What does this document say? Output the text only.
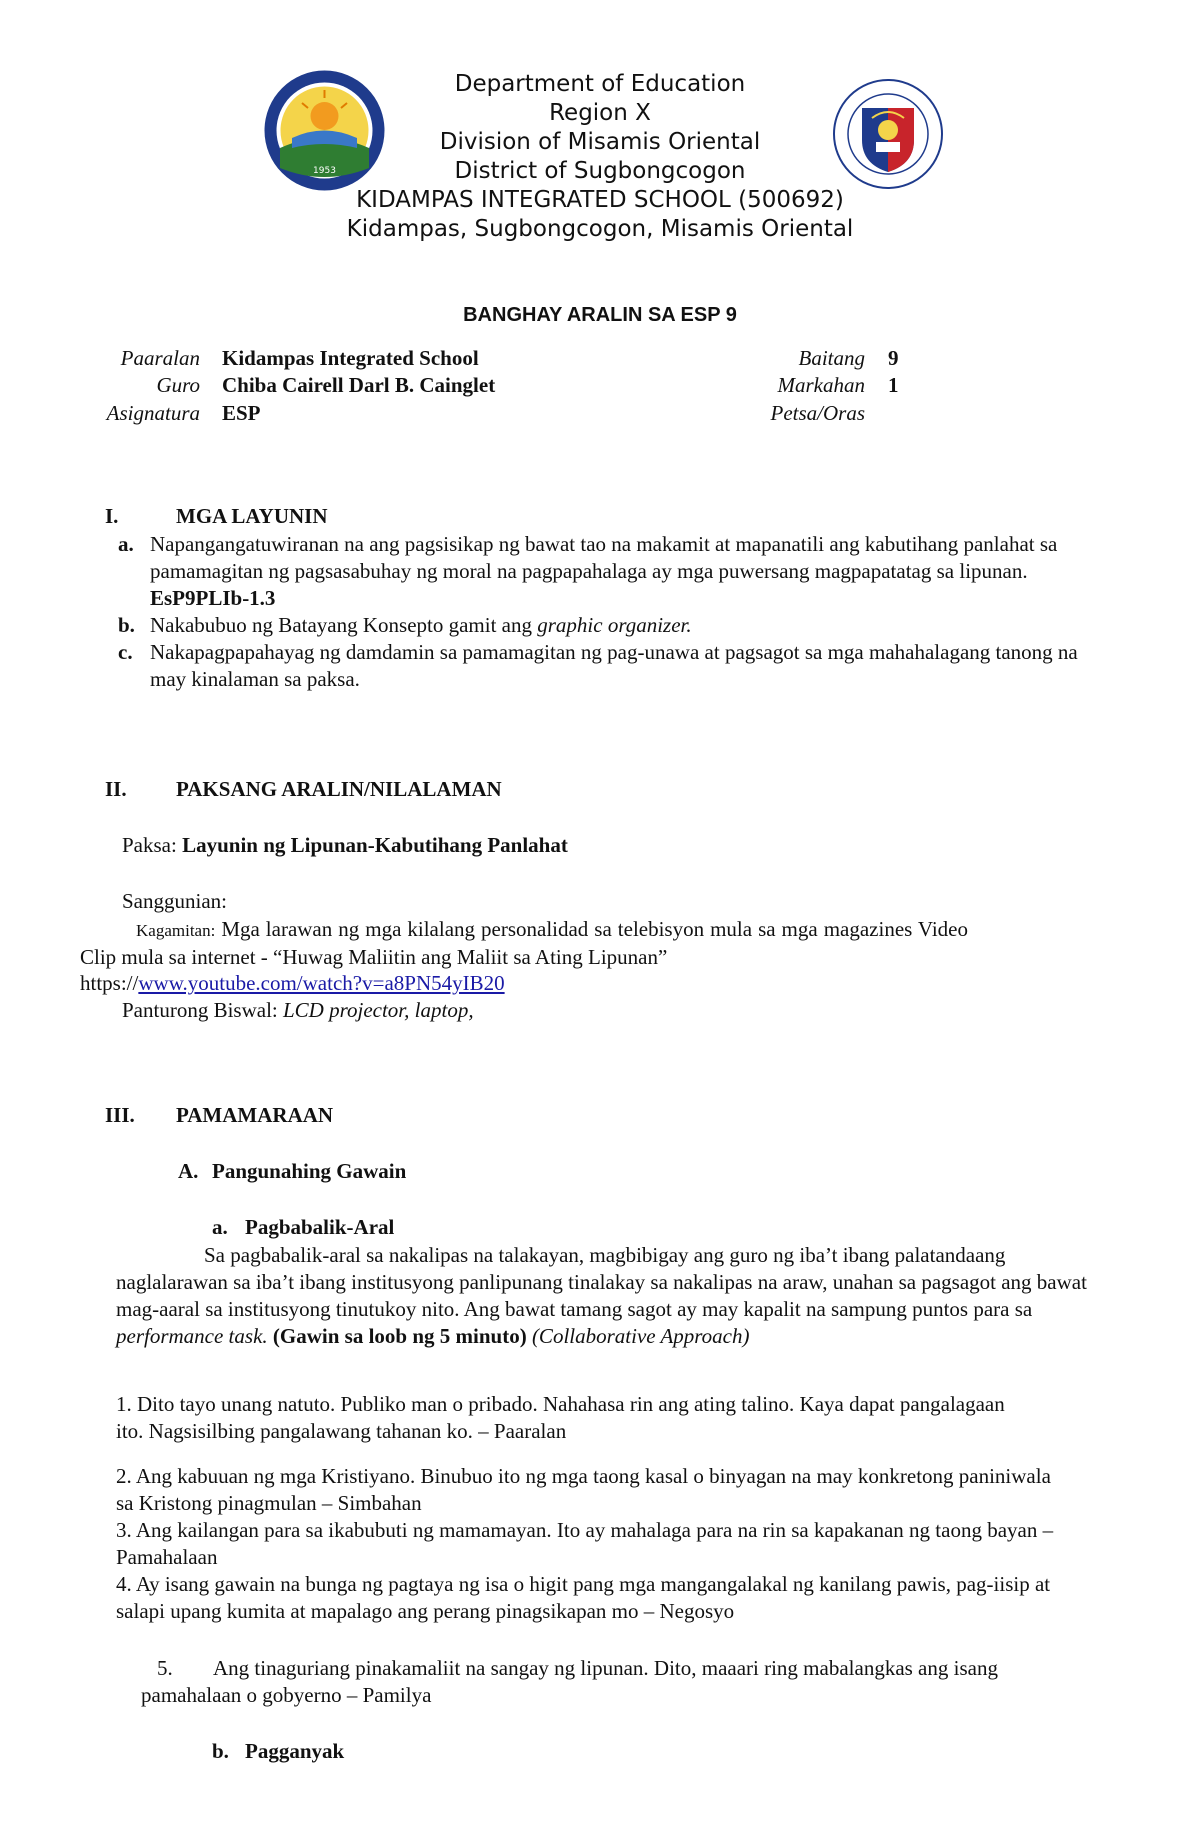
1953
Department of Education
Region X
Division of Misamis Oriental
District of Sugbongcogon
KIDAMPAS INTEGRATED SCHOOL (500692)
Kidampas, Sugbongcogon, Misamis Oriental
BANGHAY ARALIN SA ESP 9
Paaralan Kidampas Integrated School
Guro Chiba Cairell Darl B. Cainglet
Asignatura ESP
Baitang 9
Markahan 1
Petsa/Oras
I.	MGA LAYUNIN
a. Napangangatuwiranan na ang pagsisikap ng bawat tao na makamit at mapanatili ang kabutihang panlahat sa pamamagitan ng pagsasabuhay ng moral na pagpapahalaga ay mga puwersang magpapatatag sa lipunan. EsP9PLIb-1.3
b. Nakabubuo ng Batayang Konsepto gamit ang graphic organizer.
c. Nakapagpapahayag ng damdamin sa pamamagitan ng pag-unawa at pagsagot sa mga mahahalagang tanong na may kinalaman sa paksa.
II. PAKSANG ARALIN/NILALAMAN
Paksa: Layunin ng Lipunan-Kabutihang Panlahat
Sanggunian:
Kagamitan: Mga larawan ng mga kilalang personalidad sa telebisyon mula sa mga magazines Video Clip mula sa internet - “Huwag Maliitin ang Maliit sa Ating Lipunan”
https://www.youtube.com/watch?v=a8PN54yIB20
Panturong Biswal: LCD projector, laptop,
III. PAMAMARAAN
A. Pangunahing Gawain
a. Pagbabalik-Aral
Sa pagbabalik-aral sa nakalipas na talakayan, magbibigay ang guro ng iba’t ibang palatandaang naglalarawan sa iba’t ibang institusyong panlipunang tinalakay sa nakalipas na araw, unahan sa pagsagot ang bawat mag-aaral sa institusyong tinutukoy nito. Ang bawat tamang sagot ay may kapalit na sampung puntos para sa performance task. (Gawin sa loob ng 5 minuto) (Collaborative Approach)
1. Dito tayo unang natuto. Publiko man o pribado. Nahahasa rin ang ating talino. Kaya dapat pangalagaan ito. Nagsisilbing pangalawang tahanan ko. – Paaralan
2. Ang kabuuan ng mga Kristiyano. Binubuo ito ng mga taong kasal o binyagan na may konkretong paniniwala sa Kristong pinagmulan – Simbahan
3. Ang kailangan para sa ikabubuti ng mamamayan. Ito ay mahalaga para na rin sa kapakanan ng taong bayan – Pamahalaan
4. Ay isang gawain na bunga ng pagtaya ng isa o higit pang mga mangangalakal ng kanilang pawis, pag-iisip at salapi upang kumita at mapalago ang perang pinagsikapan mo – Negosyo
5.	Ang tinaguriang pinakamaliit na sangay ng lipunan. Dito, maaari ring mabalangkas ang isang pamahalaan o gobyerno – Pamilya
b. Pagganyak
